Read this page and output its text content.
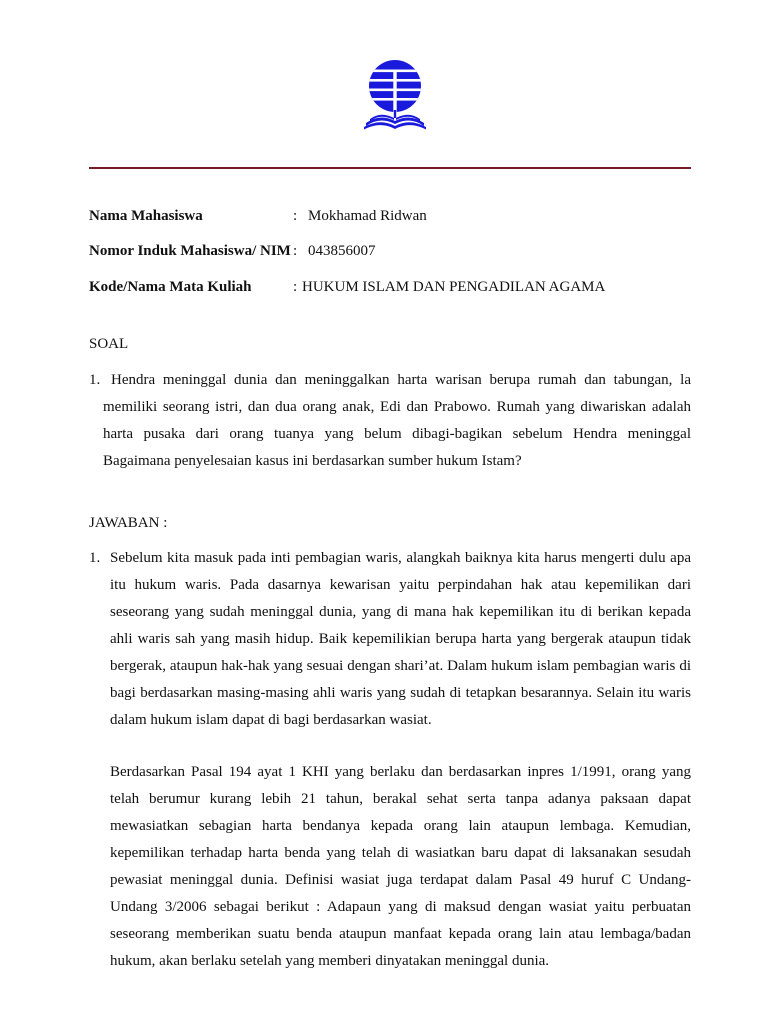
Nama Mahasiswa	: Mokhamad Ridwan
Nomor Induk Mahasiswa/ NIM : 043856007
Kode/Nama Mata Kuliah	: HUKUM ISLAM DAN PENGADILAN AGAMA
SOAL
1. Hendra meninggal dunia dan meninggalkan harta warisan berupa rumah dan tabungan, la memiliki seorang istri, dan dua orang anak, Edi dan Prabowo. Rumah yang diwariskan adalah harta pusaka dari orang tuanya yang belum dibagi-bagikan sebelum Hendra meninggal Bagaimana penyelesaian kasus ini berdasarkan sumber hukum Istam?
JAWABAN :
1. Sebelum kita masuk pada inti pembagian waris, alangkah baiknya kita harus mengerti dulu apa itu hukum waris. Pada dasarnya kewarisan yaitu perpindahan hak atau kepemilikan dari seseorang yang sudah meninggal dunia, yang di mana hak kepemilikan itu di berikan kepada ahli waris sah yang masih hidup. Baik kepemilikian berupa harta yang bergerak ataupun tidak bergerak, ataupun hak-hak yang sesuai dengan shari’at. Dalam hukum islam pembagian waris di bagi berdasarkan masing-masing ahli waris yang sudah di tetapkan besarannya. Selain itu waris dalam hukum islam dapat di bagi berdasarkan wasiat.
Berdasarkan Pasal 194 ayat 1 KHI yang berlaku dan berdasarkan inpres 1/1991, orang yang telah berumur kurang lebih 21 tahun, berakal sehat serta tanpa adanya paksaan dapat mewasiatkan sebagian harta bendanya kepada orang lain ataupun lembaga. Kemudian, kepemilikan terhadap harta benda yang telah di wasiatkan baru dapat di laksanakan sesudah pewasiat meninggal dunia. Definisi wasiat juga terdapat dalam Pasal 49 huruf C Undang-Undang 3/2006 sebagai berikut : Adapaun yang di maksud dengan wasiat yaitu perbuatan seseorang memberikan suatu benda ataupun manfaat kepada orang lain atau lembaga/badan hukum, akan berlaku setelah yang memberi dinyatakan meninggal dunia.
